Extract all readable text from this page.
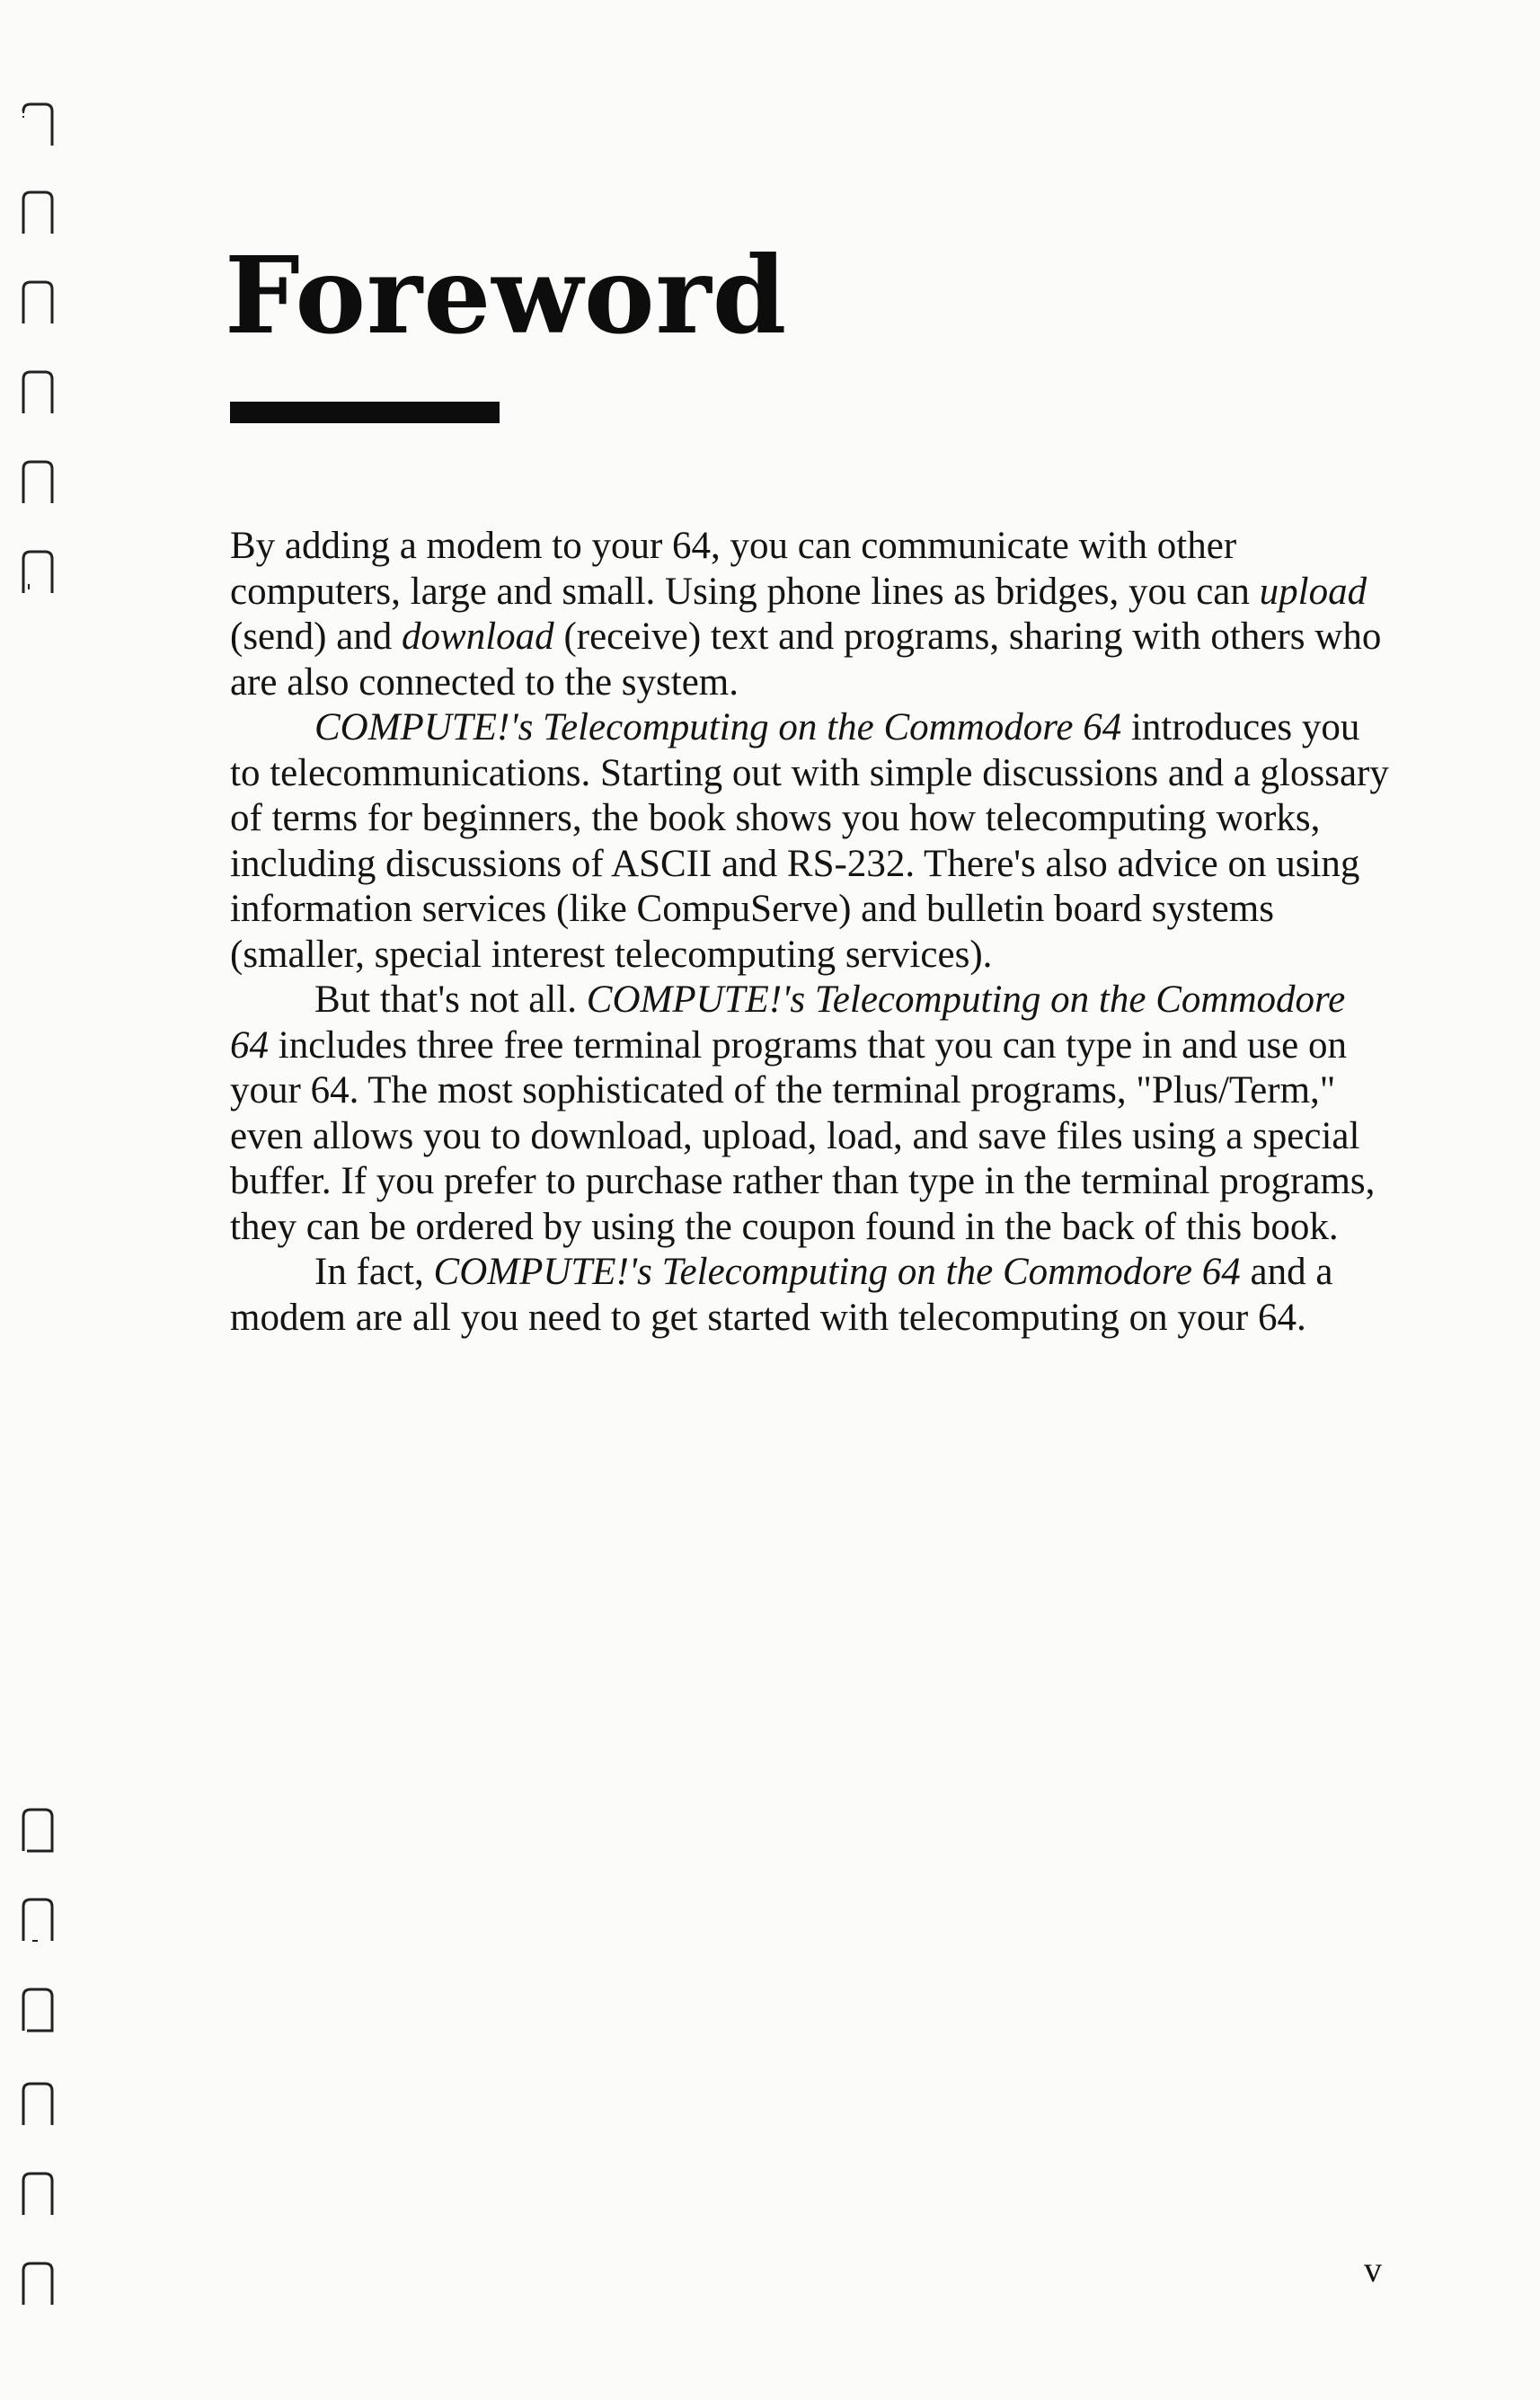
Foreword

By adding a modem to your 64, you can communicate with other computers, large and small. Using phone lines as bridges, you can upload (send) and download (receive) text and programs, sharing with others who are also connected to the system.

COMPUTE!'s Telecomputing on the Commodore 64 introduces you to telecommunications. Starting out with simple discussions and a glossary of terms for beginners, the book shows you how telecomputing works, including discussions of ASCII and RS-232. There's also advice on using information services (like CompuServe) and bulletin board systems (smaller, special interest telecomputing services).

But that's not all. COMPUTE!'s Telecomputing on the Commodore 64 includes three free terminal programs that you can type in and use on your 64. The most sophisticated of the terminal programs, "Plus/Term," even allows you to download, upload, load, and save files using a special buffer. If you prefer to purchase rather than type in the terminal programs, they can be ordered by using the coupon found in the back of this book.

In fact, COMPUTE!'s Telecomputing on the Commodore 64 and a modem are all you need to get started with telecomputing on your 64.

v
